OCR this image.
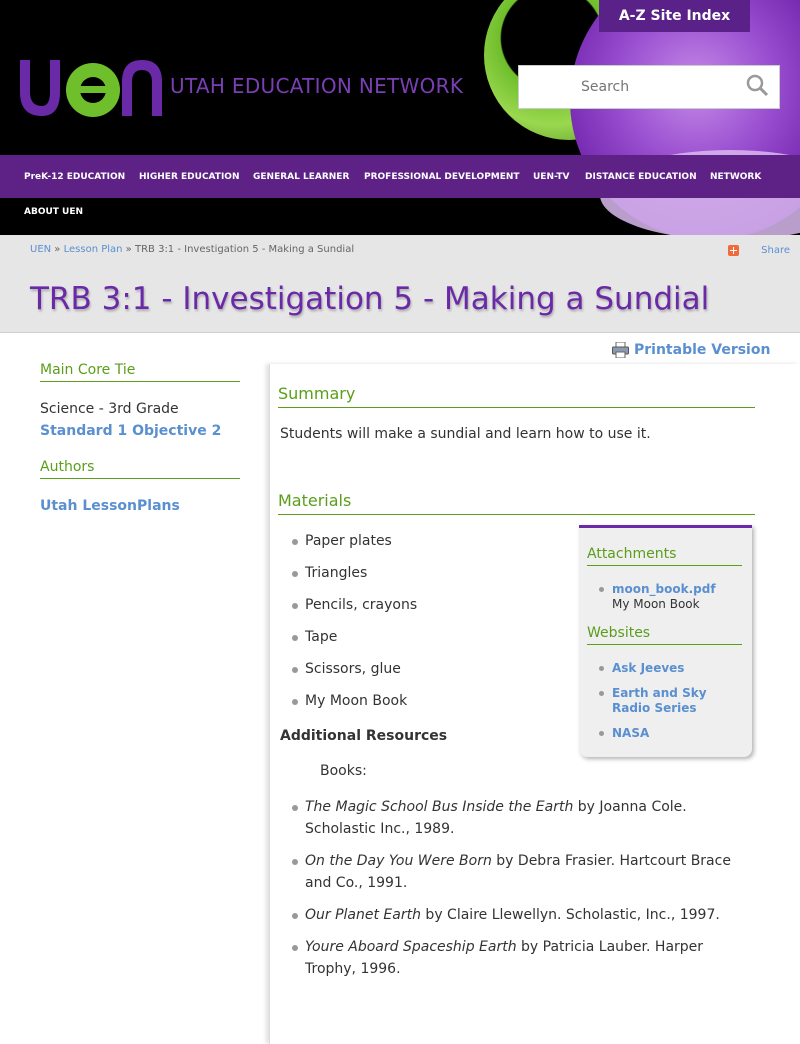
UTAH EDUCATION NETWORK
A-Z Site Index
Search
PreK-12 EDUCATION HIGHER EDUCATION GENERAL LEARNER PROFESSIONAL DEVELOPMENT UEN-TV DISTANCE EDUCATION NETWORK
ABOUT UEN
UEN » Lesson Plan » TRB 3:1 - Investigation 5 - Making a Sundial	Share
TRB 3:1 - Investigation 5 - Making a Sundial
Main Core Tie
Science - 3rd Grade
Standard 1 Objective 2
Authors
Utah LessonPlans
Printable Version
Summary
Students will make a sundial and learn how to use it.
Materials
Paper plates
Triangles
Pencils, crayons
Tape
Scissors, glue
My Moon Book
Additional Resources
Books:
The Magic School Bus Inside the Earth by Joanna Cole.
Scholastic Inc., 1989.
On the Day You Were Born by Debra Frasier. Hartcourt Brace
and Co., 1991.
Our Planet Earth by Claire Llewellyn. Scholastic, Inc., 1997.
Youre Aboard Spaceship Earth by Patricia Lauber. Harper
Trophy, 1996.
Attachments
moon_book.pdf
My Moon Book
Websites
Ask Jeeves
Earth and Sky Radio Series
NASA
